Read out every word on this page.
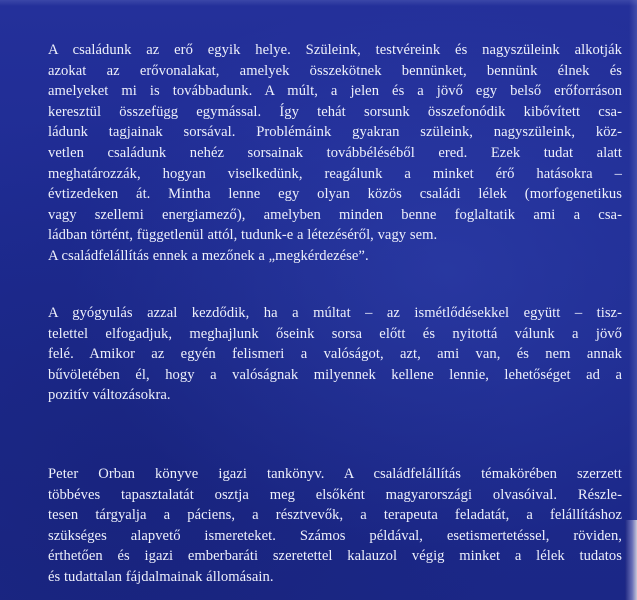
A családunk az erő egyik helye. Szüleink, testvéreink és nagyszüleink alkotják
azokat az erővonalakat, amelyek összekötnek bennünket, bennünk élnek és
amelyeket mi is továbbadunk. A múlt, a jelen és a jövő egy belső erőforráson
keresztül összefügg egymással. Így tehát sorsunk összefonódik kibővített csa-
ládunk tagjainak sorsával. Problémáink gyakran szüleink, nagyszüleink, köz-
vetlen családunk nehéz sorsainak továbbéléséből ered. Ezek tudat alatt
meghatározzák, hogyan viselkedünk, reagálunk a minket érő hatásokra –
évtizedeken át. Mintha lenne egy olyan közös családi lélek (morfogenetikus
vagy szellemi energiamező), amelyben minden benne foglaltatik ami a csa-
ládban történt, függetlenül attól, tudunk-e a létezéséről, vagy sem.
A családfelállítás ennek a mezőnek a „megkérdezése”.
A gyógyulás azzal kezdődik, ha a múltat – az ismétlődésekkel együtt – tisz-
telettel elfogadjuk, meghajlunk őseink sorsa előtt és nyitottá válunk a jövő
felé. Amikor az egyén felismeri a valóságot, azt, ami van, és nem annak
bűvöletében él, hogy a valóságnak milyennek kellene lennie, lehetőséget ad a
pozitív változásokra.
Peter Orban könyve igazi tankönyv. A családfelállítás témakörében szerzett
többéves tapasztalatát osztja meg elsőként magyarországi olvasóival. Részle-
tesen tárgyalja a páciens, a résztvevők, a terapeuta feladatát, a felállításhoz
szükséges alapvető ismereteket. Számos példával, esetismertetéssel, röviden,
érthetően és igazi emberbaráti szeretettel kalauzol végig minket a lélek tudatos
és tudattalan fájdalmainak állomásain.
